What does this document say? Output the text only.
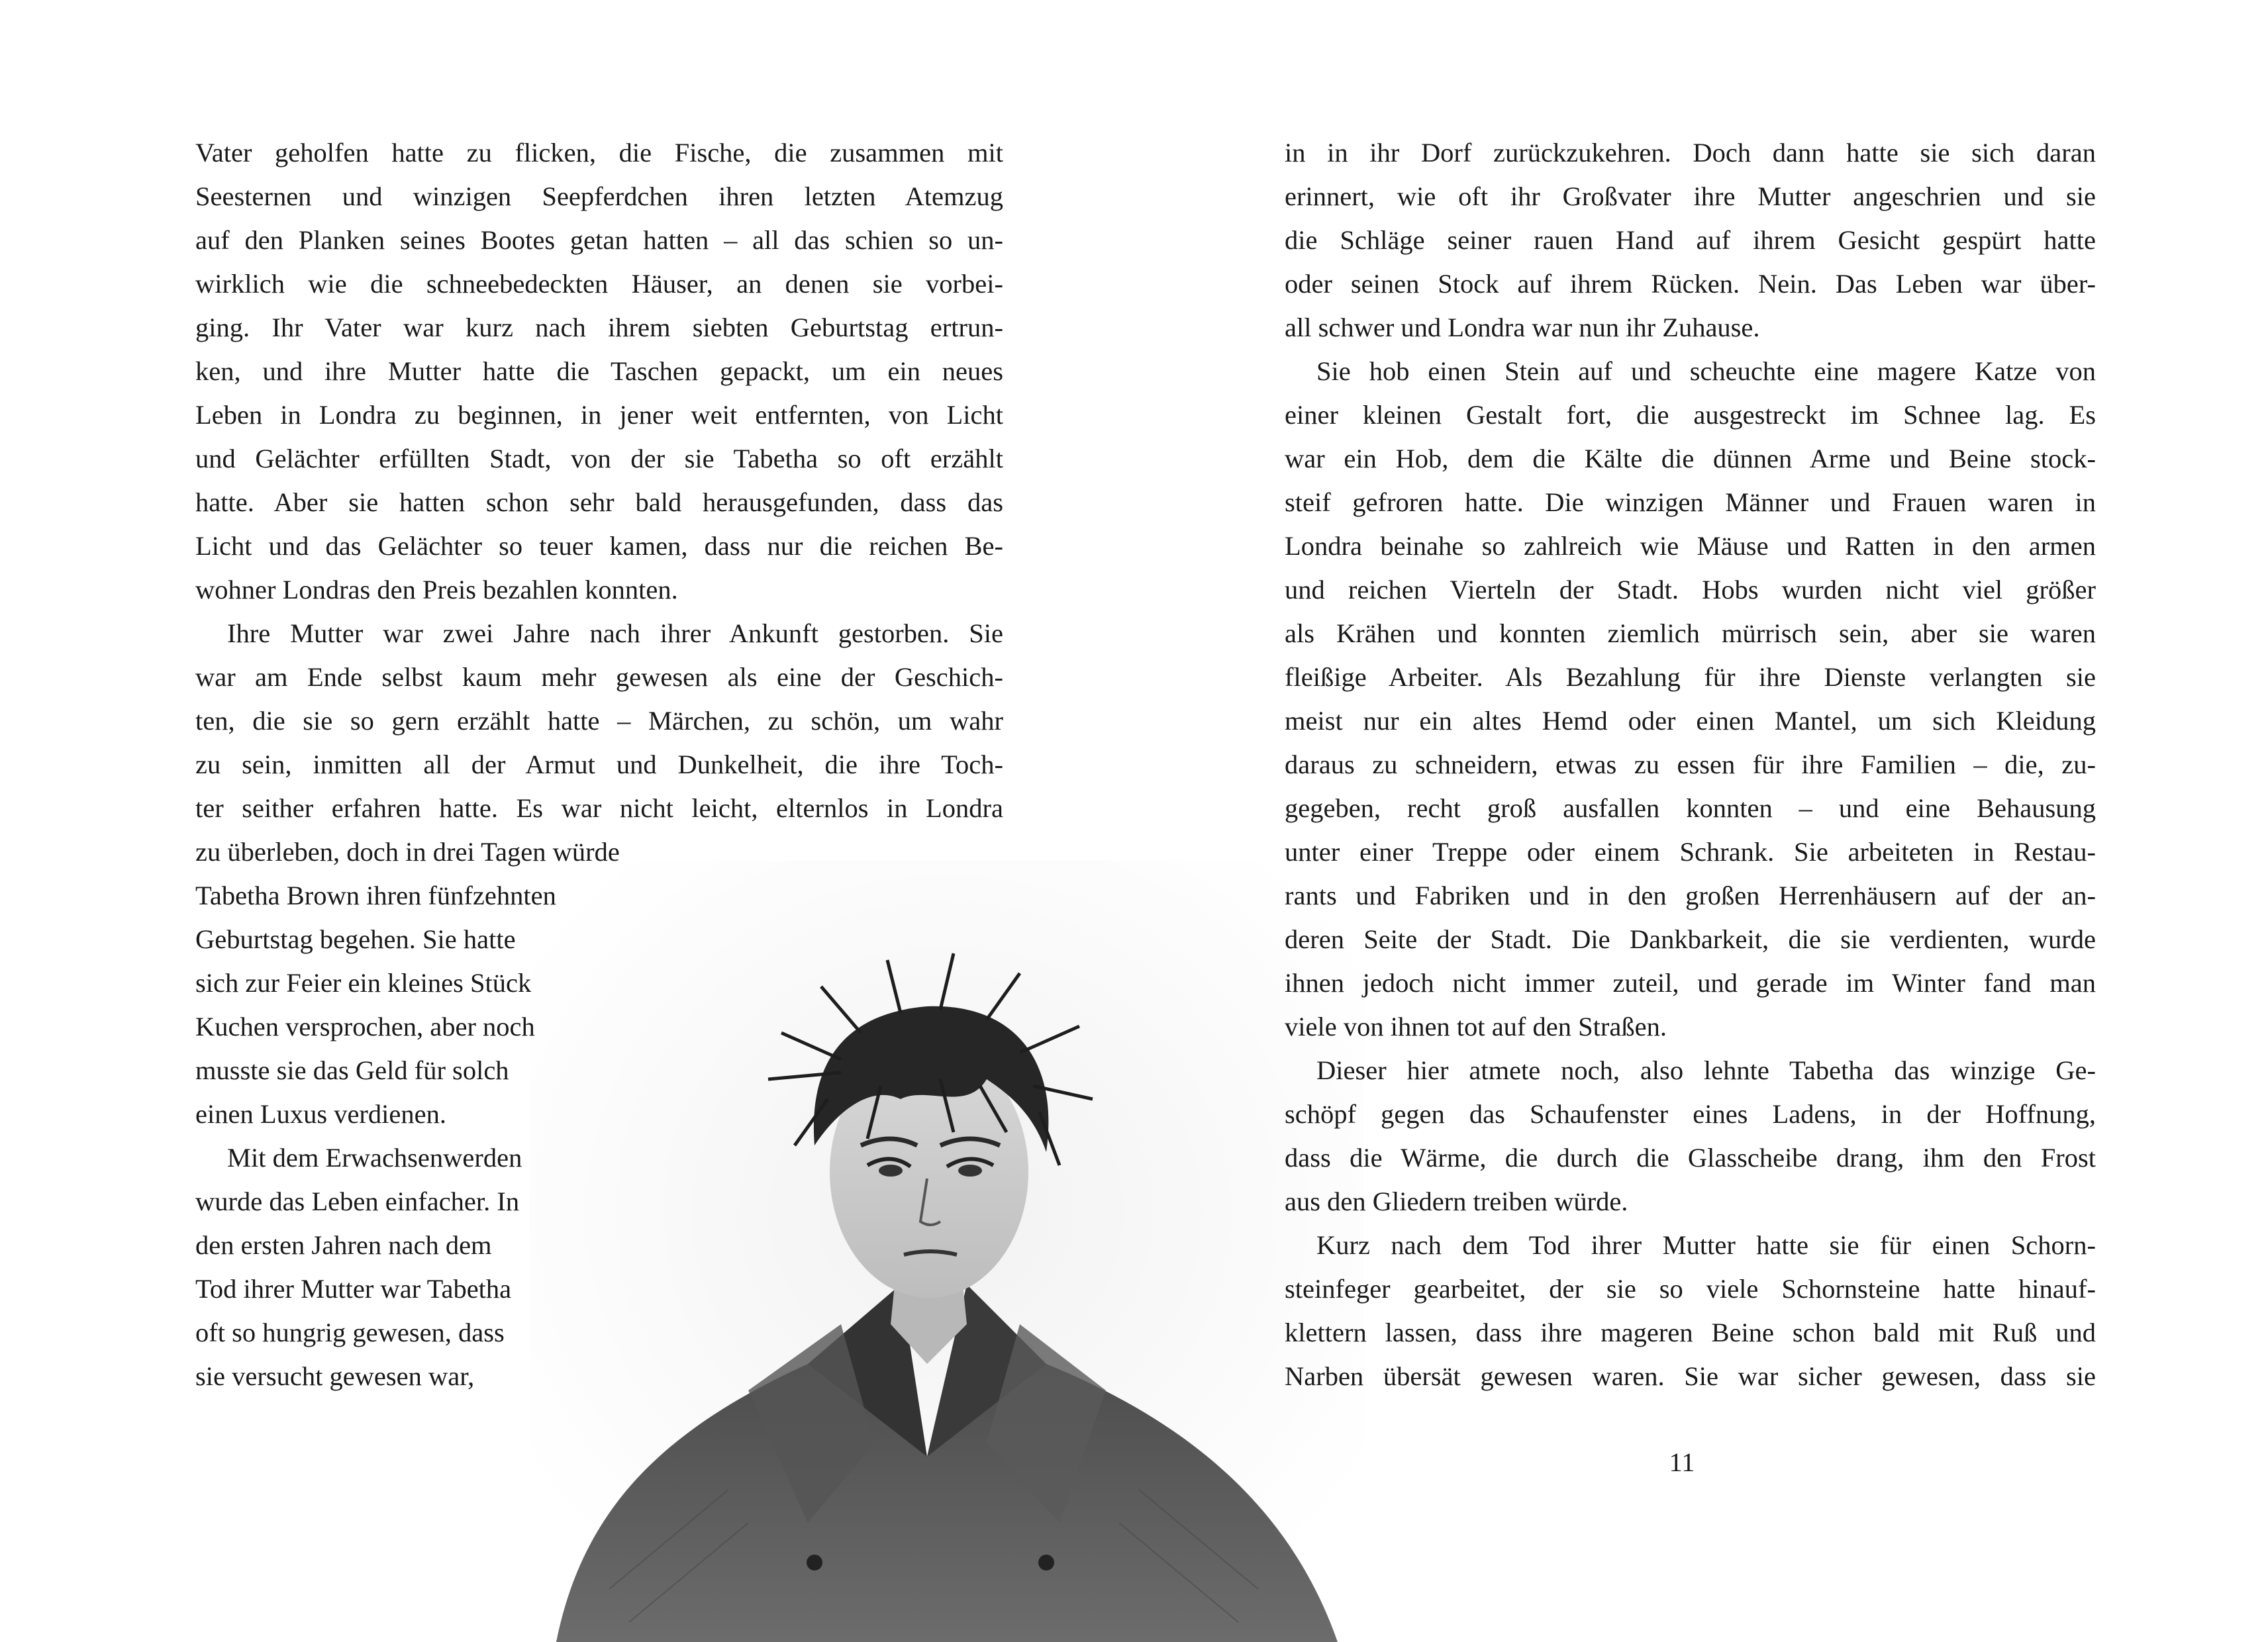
Vater geholfen hatte zu flicken, die Fische, die zusammen mit
Seesternen und winzigen Seepferdchen ihren letzten Atemzug
auf den Planken seines Bootes getan hatten – all das schien so un-
wirklich wie die schneebedeckten Häuser, an denen sie vorbei-
ging. Ihr Vater war kurz nach ihrem siebten Geburtstag ertrun-
ken, und ihre Mutter hatte die Taschen gepackt, um ein neues
Leben in Londra zu beginnen, in jener weit entfernten, von Licht
und Gelächter erfüllten Stadt, von der sie Tabetha so oft erzählt
hatte. Aber sie hatten schon sehr bald herausgefunden, dass das
Licht und das Gelächter so teuer kamen, dass nur die reichen Be-
wohner Londras den Preis bezahlen konnten.
Ihre Mutter war zwei Jahre nach ihrer Ankunft gestorben. Sie
war am Ende selbst kaum mehr gewesen als eine der Geschich-
ten, die sie so gern erzählt hatte – Märchen, zu schön, um wahr
zu sein, inmitten all der Armut und Dunkelheit, die ihre Toch-
ter seither erfahren hatte. Es war nicht leicht, elternlos in Londra
zu überleben, doch in drei Tagen würde
Tabetha Brown ihren fünfzehnten
Geburtstag begehen. Sie hatte
sich zur Feier ein kleines Stück
Kuchen versprochen, aber noch
musste sie das Geld für solch
einen Luxus verdienen.
Mit dem Erwachsenwerden
wurde das Leben einfacher. In
den ersten Jahren nach dem
Tod ihrer Mutter war Tabetha
oft so hungrig gewesen, dass
sie versucht gewesen war,
in in ihr Dorf zurückzukehren. Doch dann hatte sie sich daran
erinnert, wie oft ihr Großvater ihre Mutter angeschrien und sie
die Schläge seiner rauen Hand auf ihrem Gesicht gespürt hatte
oder seinen Stock auf ihrem Rücken. Nein. Das Leben war über-
all schwer und Londra war nun ihr Zuhause.
Sie hob einen Stein auf und scheuchte eine magere Katze von
einer kleinen Gestalt fort, die ausgestreckt im Schnee lag. Es
war ein Hob, dem die Kälte die dünnen Arme und Beine stock-
steif gefroren hatte. Die winzigen Männer und Frauen waren in
Londra beinahe so zahlreich wie Mäuse und Ratten in den armen
und reichen Vierteln der Stadt. Hobs wurden nicht viel größer
als Krähen und konnten ziemlich mürrisch sein, aber sie waren
fleißige Arbeiter. Als Bezahlung für ihre Dienste verlangten sie
meist nur ein altes Hemd oder einen Mantel, um sich Kleidung
daraus zu schneidern, etwas zu essen für ihre Familien – die, zu-
gegeben, recht groß ausfallen konnten – und eine Behausung
unter einer Treppe oder einem Schrank. Sie arbeiteten in Restau-
rants und Fabriken und in den großen Herrenhäusern auf der an-
deren Seite der Stadt. Die Dankbarkeit, die sie verdienten, wurde
ihnen jedoch nicht immer zuteil, und gerade im Winter fand man
viele von ihnen tot auf den Straßen.
Dieser hier atmete noch, also lehnte Tabetha das winzige Ge-
schöpf gegen das Schaufenster eines Ladens, in der Hoffnung,
dass die Wärme, die durch die Glasscheibe drang, ihm den Frost
aus den Gliedern treiben würde.
Kurz nach dem Tod ihrer Mutter hatte sie für einen Schorn-
steinfeger gearbeitet, der sie so viele Schornsteine hatte hinauf-
klettern lassen, dass ihre mageren Beine schon bald mit Ruß und
Narben übersät gewesen waren. Sie war sicher gewesen, dass sie
11
